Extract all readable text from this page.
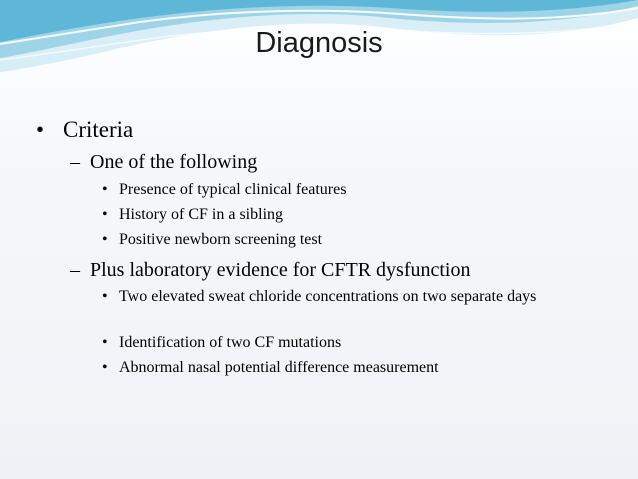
Diagnosis
• Criteria
– One of the following
• Presence of typical clinical features
• History of CF in a sibling
• Positive newborn screening test
– Plus laboratory evidence for CFTR dysfunction
• Two elevated sweat chloride concentrations on two separate days
• Identification of two CF mutations
• Abnormal nasal potential difference measurement
